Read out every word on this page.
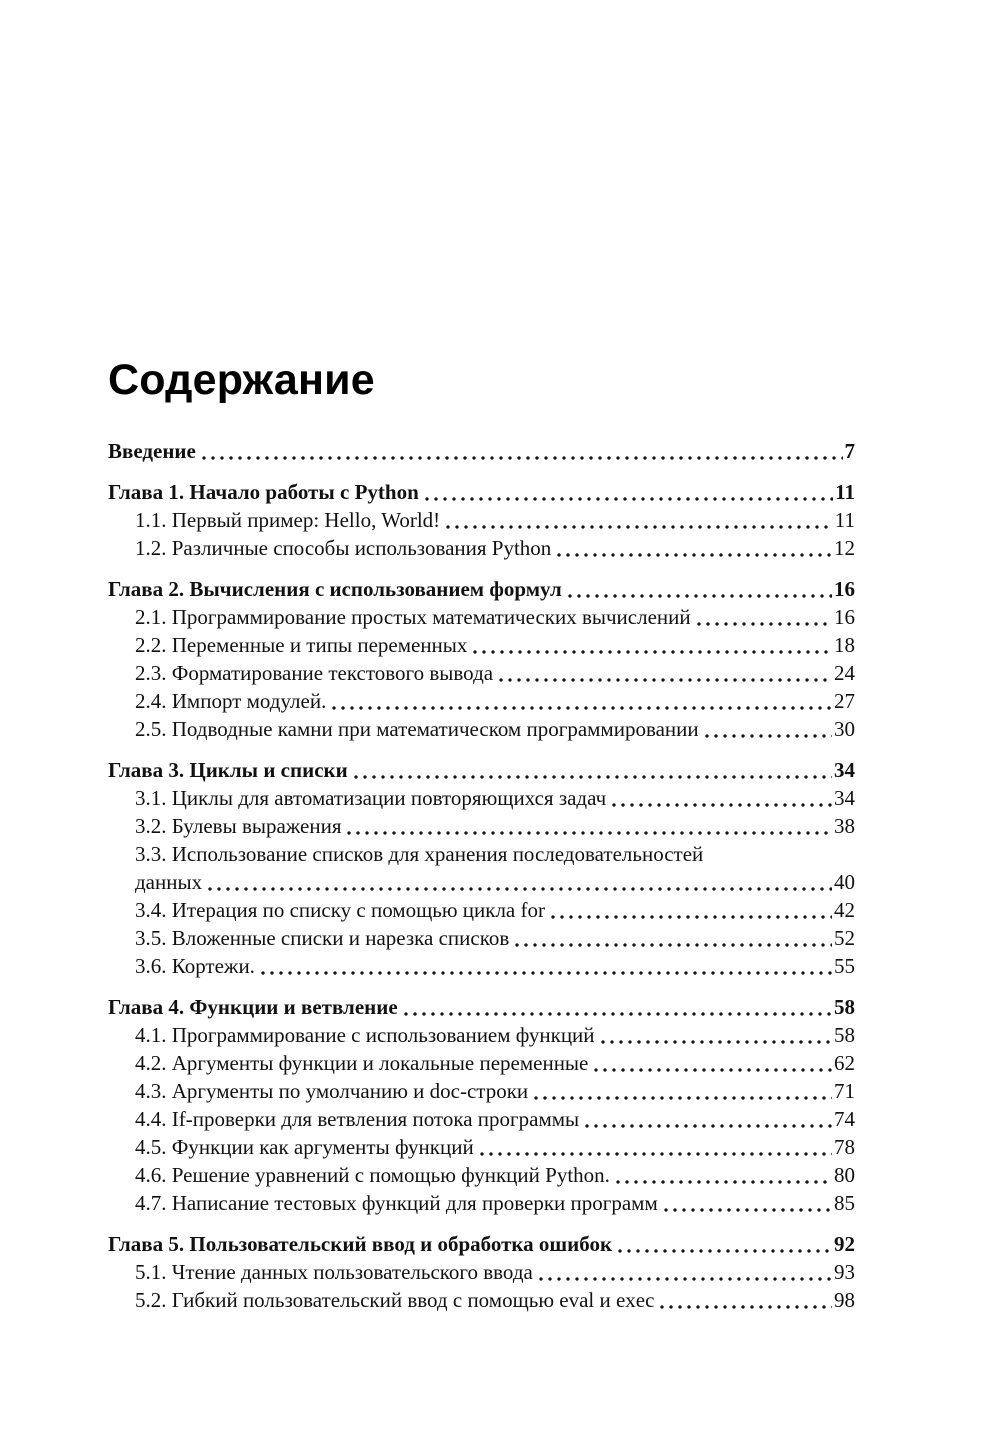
Содержание
Введение	7
Глава 1. Начало работы с Python	11
1.1. Первый пример: Hello, World!	11
1.2. Различные способы использования Python	12
Глава 2. Вычисления с использованием формул	16
2.1. Программирование простых математических вычислений	16
2.2. Переменные и типы переменных	18
2.3. Форматирование текстового вывода	24
2.4. Импорт модулей.	27
2.5. Подводные камни при математическом программировании	30
Глава 3. Циклы и списки	34
3.1. Циклы для автоматизации повторяющихся задач	34
3.2. Булевы выражения	38
3.3. Использование списков для хранения последовательностей
данных	40
3.4. Итерация по списку с помощью цикла for	42
3.5. Вложенные списки и нарезка списков	52
3.6. Кортежи.	55
Глава 4. Функции и ветвление	58
4.1. Программирование с использованием функций	58
4.2. Аргументы функции и локальные переменные	62
4.3. Аргументы по умолчанию и doc-строки	71
4.4. If-проверки для ветвления потока программы	74
4.5. Функции как аргументы функций	78
4.6. Решение уравнений с помощью функций Python.	80
4.7. Написание тестовых функций для проверки программ	85
Глава 5. Пользовательский ввод и обработка ошибок	92
5.1. Чтение данных пользовательского ввода	93
5.2. Гибкий пользовательский ввод с помощью eval и exec	98
